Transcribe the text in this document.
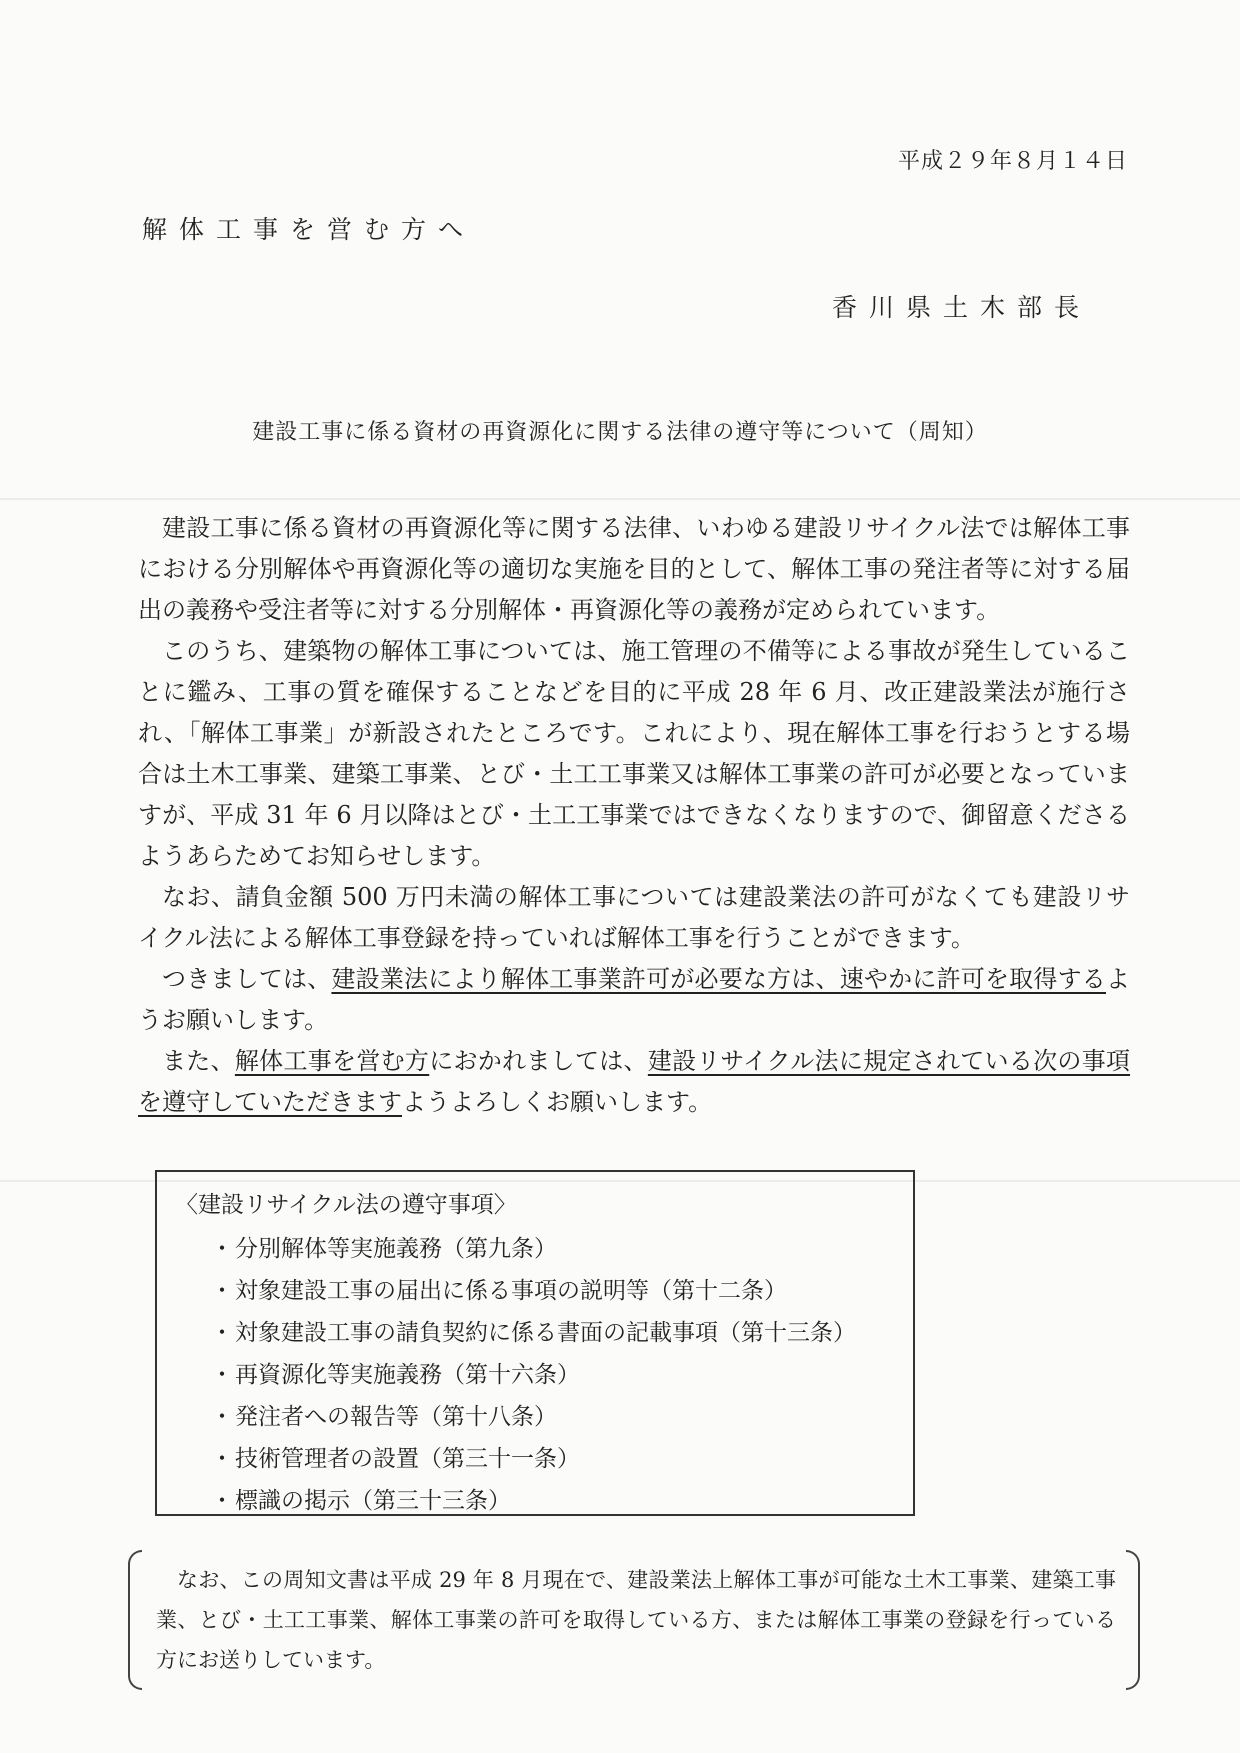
平成２９年８月１４日
解体工事を営む方へ
香川県土木部長
建設工事に係る資材の再資源化に関する法律の遵守等について（周知）

建設工事に係る資材の再資源化等に関する法律、いわゆる建設リサイクル法では解体工事における分別解体や再資源化等の適切な実施を目的として、解体工事の発注者等に対する届出の義務や受注者等に対する分別解体・再資源化等の義務が定められています。

このうち、建築物の解体工事については、施工管理の不備等による事故が発生していることに鑑み、工事の質を確保することなどを目的に平成 28 年 6 月、改正建設業法が施行され、「解体工事業」が新設されたところです。これにより、現在解体工事を行おうとする場合は土木工事業、建築工事業、とび・土工工事業又は解体工事業の許可が必要となっていますが、平成 31 年 6 月以降はとび・土工工事業ではできなくなりますので、御留意くださるようあらためてお知らせします。

なお、請負金額 500 万円未満の解体工事については建設業法の許可がなくても建設リサイクル法による解体工事登録を持っていれば解体工事を行うことができます。

つきましては、建設業法により解体工事業許可が必要な方は、速やかに許可を取得するようお願いします。

また、解体工事を営む方におかれましては、建設リサイクル法に規定されている次の事項を遵守していただきますようよろしくお願いします。

〈建設リサイクル法の遵守事項〉
・分別解体等実施義務（第九条）
・対象建設工事の届出に係る事項の説明等（第十二条）
・対象建設工事の請負契約に係る書面の記載事項（第十三条）
・再資源化等実施義務（第十六条）
・発注者への報告等（第十八条）
・技術管理者の設置（第三十一条）
・標識の掲示（第三十三条）

なお、この周知文書は平成 29 年 8 月現在で、建設業法上解体工事が可能な土木工事業、建築工事業、とび・土工工事業、解体工事業の許可を取得している方、または解体工事業の登録を行っている方にお送りしています。
